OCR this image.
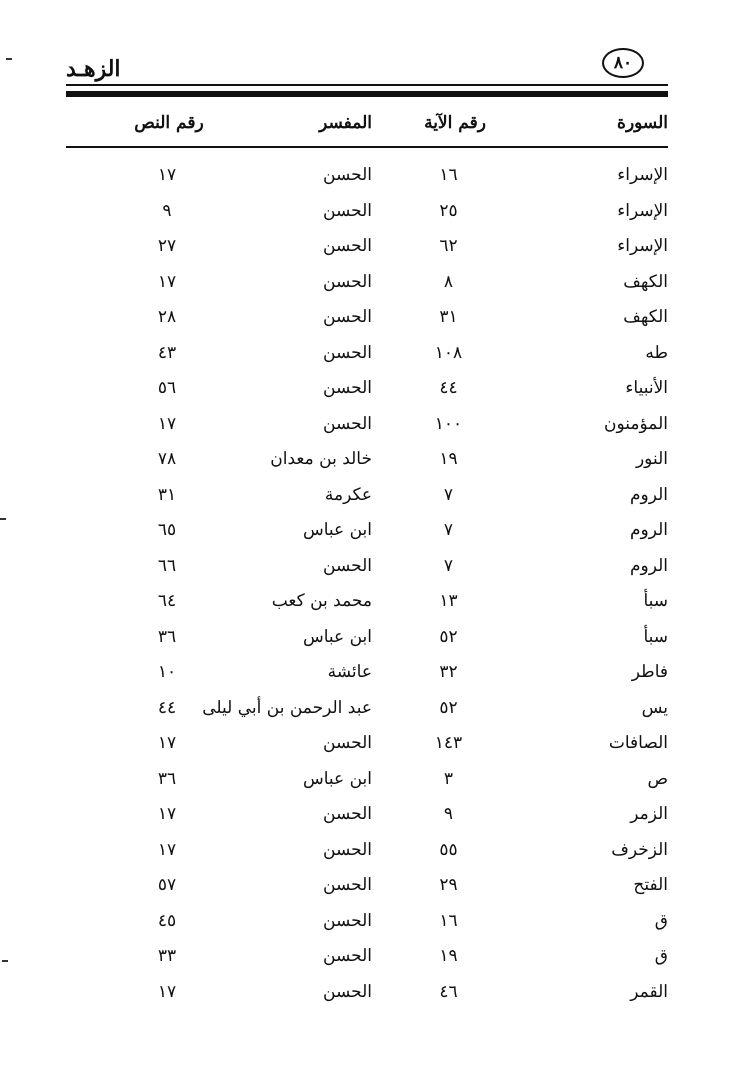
الزهـد	٨٠
السورة
رقم الآية
المفسر
رقم النص
الإسراء
١٦
الحسن
١٧
الإسراء
٢٥
الحسن
٩
الإسراء
٦٢
الحسن
٢٧
الكهف
٨
الحسن
١٧
الكهف
٣١
الحسن
٢٨
طه
١٠٨
الحسن
٤٣
الأنبياء
٤٤
الحسن
٥٦
المؤمنون
١٠٠
الحسن
١٧
النور
١٩
خالد بن معدان
٧٨
الروم
٧
عكرمة
٣١
الروم
٧
ابن عباس
٦٥
الروم
٧
الحسن
٦٦
سبأ
١٣
محمد بن كعب
٦٤
سبأ
٥٢
ابن عباس
٣٦
فاطر
٣٢
عائشة
١٠
يس
٥٢
عبد الرحمن بن أبي ليلى
٤٤
الصافات
١٤٣
الحسن
١٧
ص
٣
ابن عباس
٣٦
الزمر
٩
الحسن
١٧
الزخرف
٥٥
الحسن
١٧
الفتح
٢٩
الحسن
٥٧
ق
١٦
الحسن
٤٥
ق
١٩
الحسن
٣٣
القمر
٤٦
الحسن
١٧
